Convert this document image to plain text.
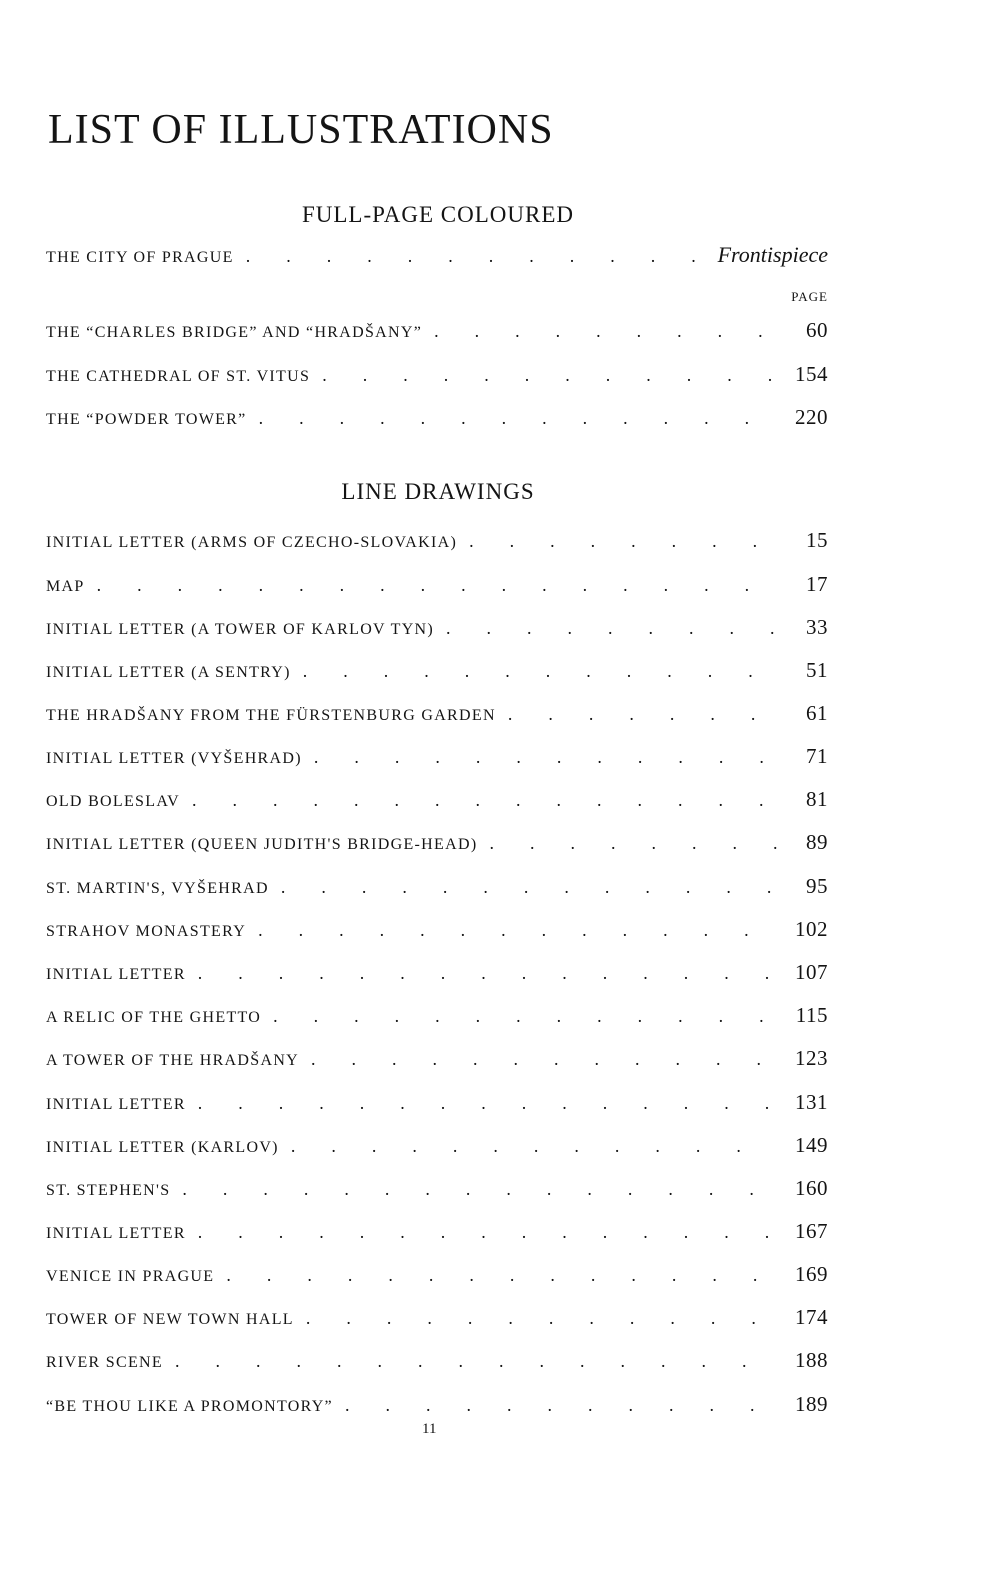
LIST OF ILLUSTRATIONS
FULL-PAGE COLOURED
THE CITY OF PRAGUE .	Frontispiece
PAGE
THE “CHARLES BRIDGE” AND “HRADŠANY” .	60
THE CATHEDRAL OF ST. VITUS .	154
THE “POWDER TOWER” .	220
LINE DRAWINGS
INITIAL LETTER (ARMS OF CZECHO-SLOVAKIA) .	15
MAP .	17
INITIAL LETTER (A TOWER OF KARLOV TYN) .	33
INITIAL LETTER (A SENTRY) .	51
THE HRADŠANY FROM THE FÜRSTENBURG GARDEN .	61
INITIAL LETTER (VYŠEHRAD) .	71
OLD BOLESLAV .	81
INITIAL LETTER (QUEEN JUDITH'S BRIDGE-HEAD) .	89
ST. MARTIN'S, VYŠEHRAD .	95
STRAHOV MONASTERY .	102
INITIAL LETTER .	107
A RELIC OF THE GHETTO .	115
A TOWER OF THE HRADŠANY .	123
INITIAL LETTER .	131
INITIAL LETTER (KARLOV) .	149
ST. STEPHEN'S .	160
INITIAL LETTER .	167
VENICE IN PRAGUE .	169
TOWER OF NEW TOWN HALL .	174
RIVER SCENE .	188
“BE THOU LIKE A PROMONTORY” .	189
11
